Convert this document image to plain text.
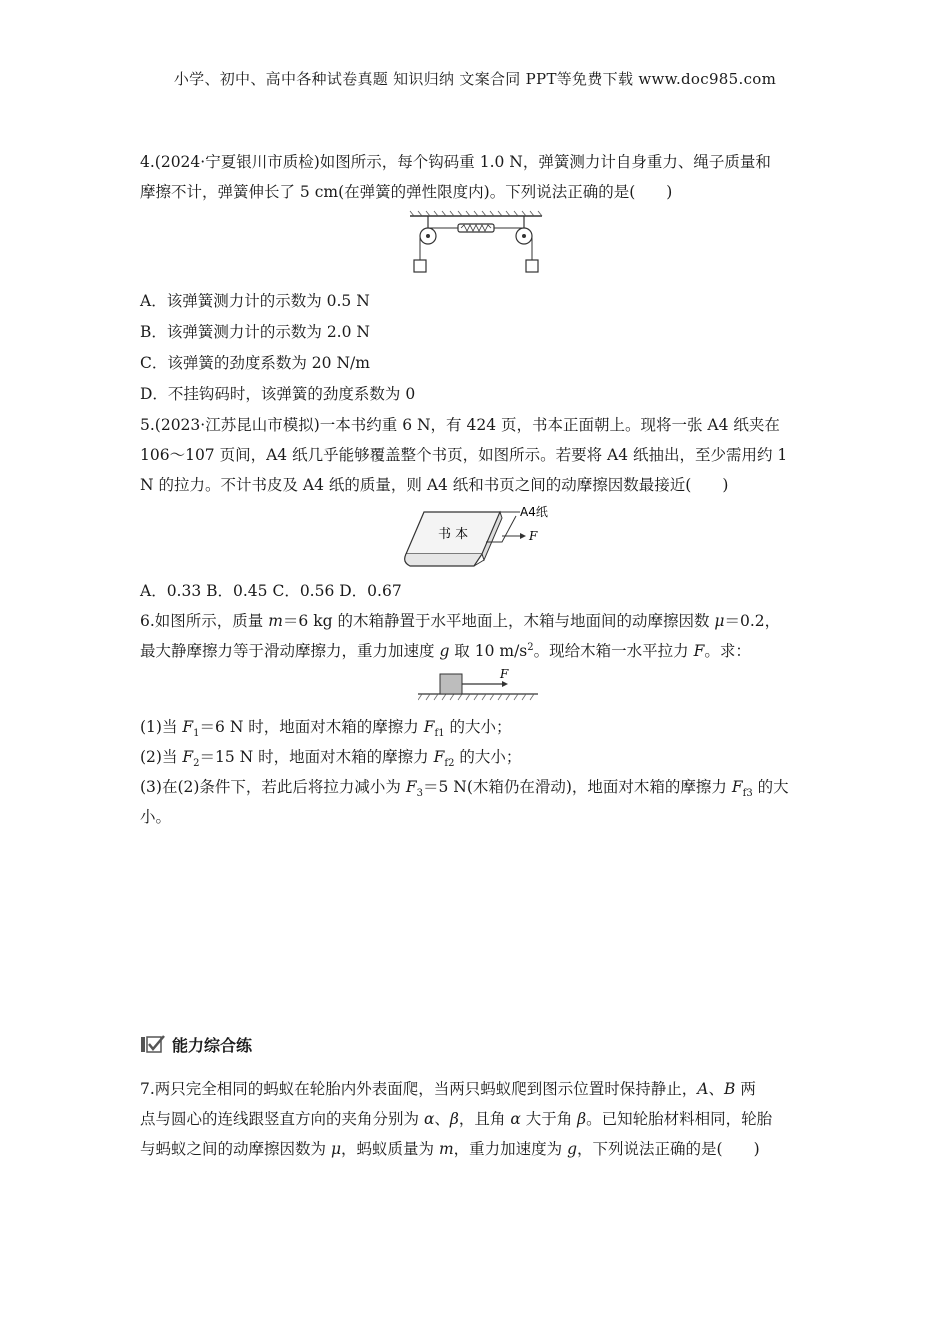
小学、初中、高中各种试卷真题 知识归纳 文案合同 PPT等免费下载 www.doc985.com
4.(2024·宁夏银川市质检)如图所示，每个钩码重 1.0 N，弹簧测力计自身重力、绳子质量和
摩擦不计，弹簧伸长了 5 cm(在弹簧的弹性限度内)。下列说法正确的是(　　)
A．该弹簧测力计的示数为 0.5 N
B．该弹簧测力计的示数为 2.0 N
C．该弹簧的劲度系数为 20 N/m
D．不挂钩码时，该弹簧的劲度系数为 0
5.(2023·江苏昆山市模拟)一本书约重 6 N，有 424 页，书本正面朝上。现将一张 A4 纸夹在
106～107 页间，A4 纸几乎能够覆盖整个书页，如图所示。若要将 A4 纸抽出，至少需用约 1
N 的拉力。不计书皮及 A4 纸的质量，则 A4 纸和书页之间的动摩擦因数最接近(　　)
书 本
A4纸
F
A．0.33 B．0.45 C．0.56 D．0.67
6.如图所示，质量 m＝6 kg 的木箱静置于水平地面上，木箱与地面间的动摩擦因数 μ＝0.2，
最大静摩擦力等于滑动摩擦力，重力加速度 g 取 10 $m/s^2$。现给木箱一水平拉力 F。求：
F
(1)当 $F_1=6$ N 时，地面对木箱的摩擦力 $F_{f1}$ 的大小；
(2)当 $F_2=15$ N 时，地面对木箱的摩擦力 $F_{f2}$ 的大小；
(3)在(2)条件下，若此后将拉力减小为 $F_3=5$ N(木箱仍在滑动)，地面对木箱的摩擦力 $F_{f3}$ 的大
小。
7.两只完全相同的蚂蚁在轮胎内外表面爬，当两只蚂蚁爬到图示位置时保持静止，A、B 两
点与圆心的连线跟竖直方向的夹角分别为 α、β，且角 α 大于角 β。已知轮胎材料相同，轮胎
与蚂蚁之间的动摩擦因数为 μ，蚂蚁质量为 m，重力加速度为 g，下列说法正确的是(　　)
能力综合练
